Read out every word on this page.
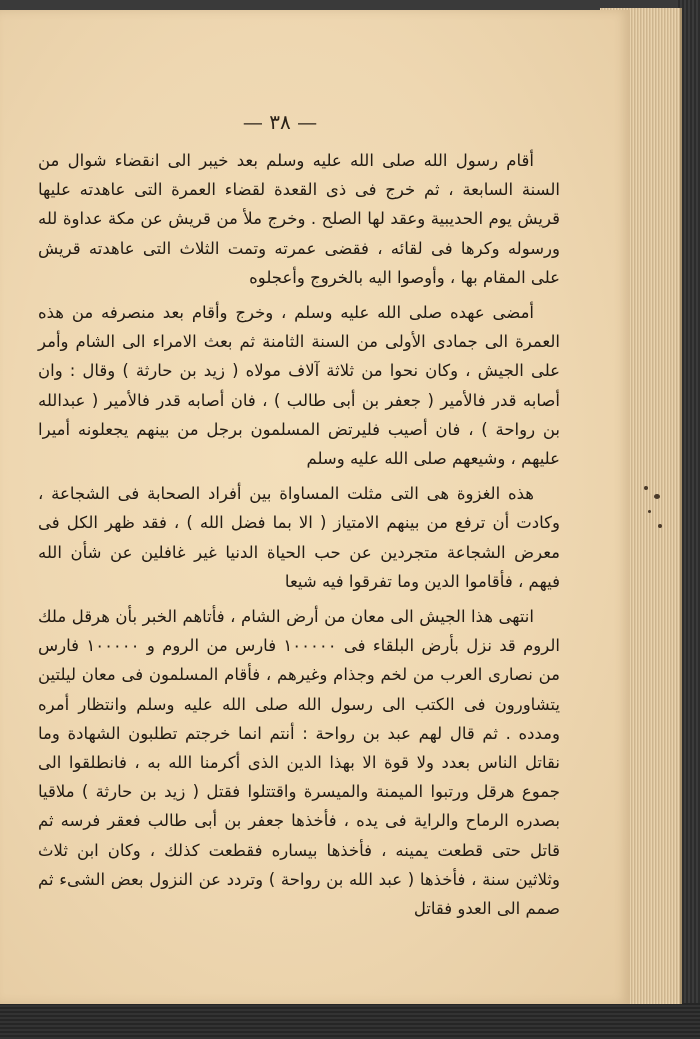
— ٣٨ —

أقام رسول الله صلى الله عليه وسلم بعد خيبر الى انقضاء شوال من السنة السابعة ، ثم خرج فى ذى القعدة لقضاء العمرة التى عاهدته عليها قريش يوم الحديبية وعقد لها الصلح . وخرج ملأ من قريش عن مكة عداوة لله ورسوله وكرها فى لقائه ، فقضى عمرته وتمت الثلاث التى عاهدته قريش على المقام بها ، وأوصوا اليه بالخروج وأعجلوه

أمضى عهده صلى الله عليه وسلم ، وخرج وأقام بعد منصرفه من هذه العمرة الى جمادى الأولى من السنة الثامنة ثم بعث الامراء الى الشام وأمر على الجيش ، وكان نحوا من ثلاثة آلاف مولاه ( زيد بن حارثة ) وقال : وان أصابه قدر فالأمير ( جعفر بن أبى طالب ) ، فان أصابه قدر فالأمير ( عبدالله بن رواحة ) ، فان أصيب فليرتض المسلمون برجل من بينهم يجعلونه أميرا عليهم ، وشيعهم صلى الله عليه وسلم

هذه الغزوة هى التى مثلت المساواة بين أفراد الصحابة فى الشجاعة ، وكادت أن ترفع من بينهم الامتياز ( الا بما فضل الله ) ، فقد ظهر الكل فى معرض الشجاعة متجردين عن حب الحياة الدنيا غير غافلين عن شأن الله فيهم ، فأقاموا الدين وما تفرقوا فيه شيعا

انتهى هذا الجيش الى معان من أرض الشام ، فأتاهم الخبر بأن هرقل ملك الروم قد نزل بأرض البلقاء فى ١٠٠٠٠٠ فارس من الروم و ١٠٠٠٠٠ فارس من نصارى العرب من لخم وجذام وغيرهم ، فأقام المسلمون فى معان ليلتين يتشاورون فى الكتب الى رسول الله صلى الله عليه وسلم وانتظار أمره ومدده . ثم قال لهم عبد بن رواحة : أنتم انما خرجتم تطلبون الشهادة وما نقاتل الناس بعدد ولا قوة الا بهذا الدين الذى أكرمنا الله به ، فانطلقوا الى جموع هرقل ورتبوا الميمنة والميسرة واقتتلوا فقتل ( زيد بن حارثة ) ملاقيا بصدره الرماح والراية فى يده ، فأخذها جعفر بن أبى طالب فعقر فرسه ثم قاتل حتى قطعت يمينه ، فأخذها بيساره فقطعت كذلك ، وكان ابن ثلاث وثلاثين سنة ، فأخذها ( عبد الله بن رواحة ) وتردد عن النزول بعض الشىء ثم صمم الى العدو فقاتل
